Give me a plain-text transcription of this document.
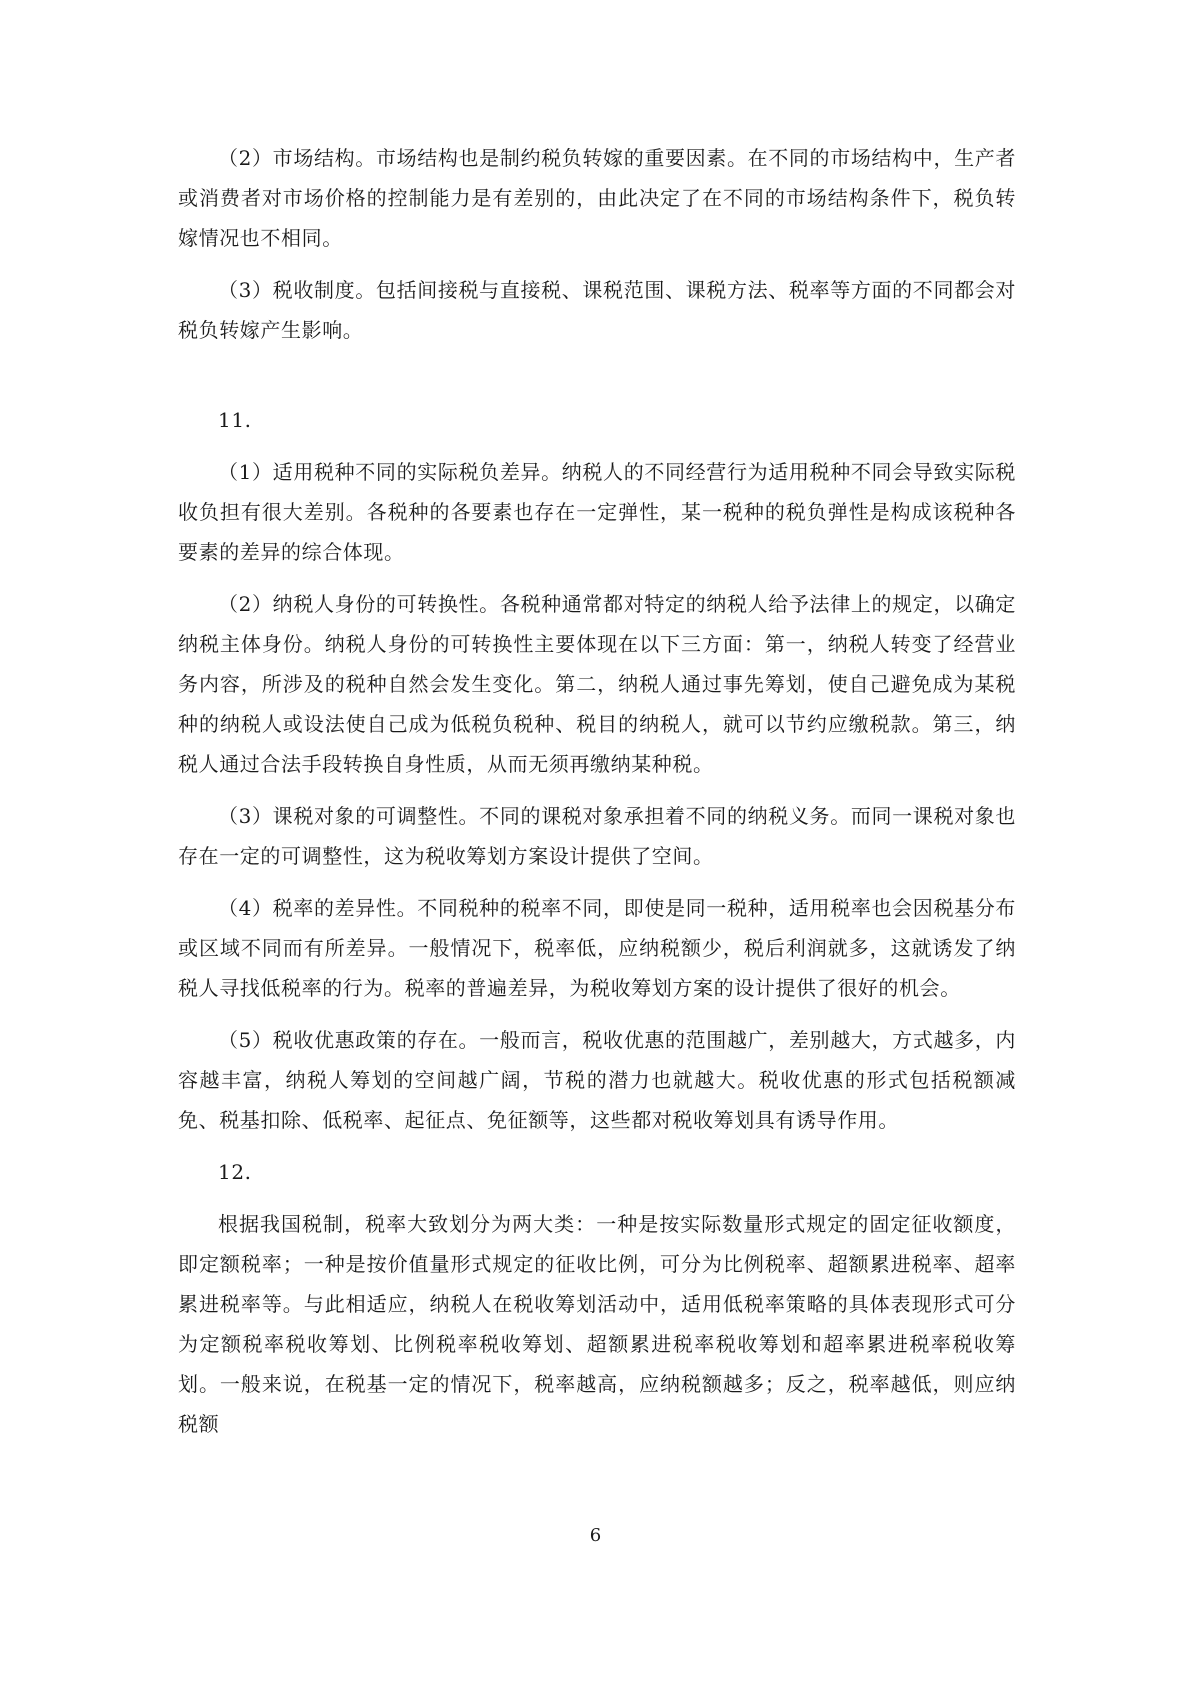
（2）市场结构。市场结构也是制约税负转嫁的重要因素。在不同的市场结构中，生产者或消费者对市场价格的控制能力是有差别的，由此决定了在不同的市场结构条件下，税负转嫁情况也不相同。

（3）税收制度。包括间接税与直接税、课税范围、课税方法、税率等方面的不同都会对税负转嫁产生影响。

11.

（1）适用税种不同的实际税负差异。纳税人的不同经营行为适用税种不同会导致实际税收负担有很大差别。各税种的各要素也存在一定弹性，某一税种的税负弹性是构成该税种各要素的差异的综合体现。

（2）纳税人身份的可转换性。各税种通常都对特定的纳税人给予法律上的规定，以确定纳税主体身份。纳税人身份的可转换性主要体现在以下三方面：第一，纳税人转变了经营业务内容，所涉及的税种自然会发生变化。第二，纳税人通过事先筹划，使自己避免成为某税种的纳税人或设法使自己成为低税负税种、税目的纳税人，就可以节约应缴税款。第三，纳税人通过合法手段转换自身性质，从而无须再缴纳某种税。

（3）课税对象的可调整性。不同的课税对象承担着不同的纳税义务。而同一课税对象也存在一定的可调整性，这为税收筹划方案设计提供了空间。

（4）税率的差异性。不同税种的税率不同，即使是同一税种，适用税率也会因税基分布或区域不同而有所差异。一般情况下，税率低，应纳税额少，税后利润就多，这就诱发了纳税人寻找低税率的行为。税率的普遍差异，为税收筹划方案的设计提供了很好的机会。

（5）税收优惠政策的存在。一般而言，税收优惠的范围越广，差别越大，方式越多，内容越丰富，纳税人筹划的空间越广阔，节税的潜力也就越大。税收优惠的形式包括税额减免、税基扣除、低税率、起征点、免征额等，这些都对税收筹划具有诱导作用。

12.

根据我国税制，税率大致划分为两大类：一种是按实际数量形式规定的固定征收额度，即定额税率；一种是按价值量形式规定的征收比例，可分为比例税率、超额累进税率、超率累进税率等。与此相适应，纳税人在税收筹划活动中，适用低税率策略的具体表现形式可分为定额税率税收筹划、比例税率税收筹划、超额累进税率税收筹划和超率累进税率税收筹划。一般来说，在税基一定的情况下，税率越高，应纳税额越多；反之，税率越低，则应纳税额

6
